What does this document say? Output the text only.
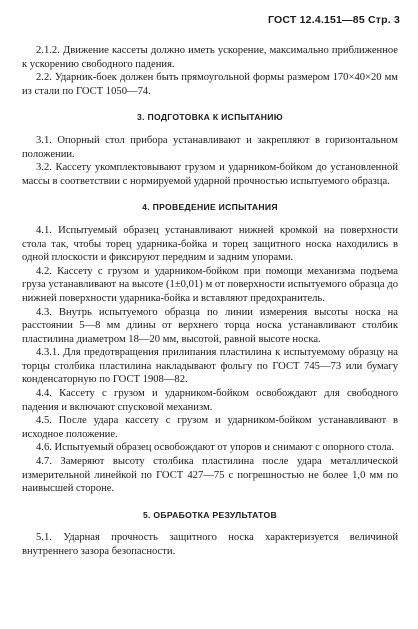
ГОСТ 12.4.151—85 Стр. 3

2.1.2. Движение кассеты должно иметь ускорение, максимально приближенное к ускорению свободного падения.

2.2. Ударник-боек должен быть прямоугольной формы размером 170×40×20 мм из стали по ГОСТ 1050—74.

3. ПОДГОТОВКА К ИСПЫТАНИЮ

3.1. Опорный стол прибора устанавливают и закрепляют в горизонтальном положении.

3.2. Кассету укомплектовывают грузом и ударником-бойком до установленной массы в соответствии с нормируемой ударной прочностью испытуемого образца.

4. ПРОВЕДЕНИЕ ИСПЫТАНИЯ

4.1. Испытуемый образец устанавливают нижней кромкой на поверхности стола так, чтобы торец ударника-бойка и торец защитного носка находились в одной плоскости и фиксируют передним и задним упорами.

4.2. Кассету с грузом и ударником-бойком при помощи механизма подъема груза устанавливают на высоте (1±0,01) м от поверхности испытуемого образца до нижней поверхности ударника-бойка и вставляют предохранитель.

4.3. Внутрь испытуемого образца по линии измерения высоты носка на расстоянии 5—8 мм длины от верхнего торца носка устанавливают столбик пластилина диаметром 18—20 мм, высотой, равной высоте носка.

4.3.1. Для предотвращения прилипания пластилина к испытуемому образцу на торцы столбика пластилина накладывают фольгу по ГОСТ 745—73 или бумагу конденсаторную по ГОСТ 1908—82.

4.4. Кассету с грузом и ударником-бойком освобождают для свободного падения и включают спусковой механизм.

4.5. После удара кассету с грузом и ударником-бойком устанавливают в исходное положение.

4.6. Испытуемый образец освобождают от упоров и снимают с опорного стола.

4.7. Замеряют высоту столбика пластилина после удара металлической измерительной линейкой по ГОСТ 427—75 с погрешностью не более 1,0 мм по наивысшей стороне.

5. ОБРАБОТКА РЕЗУЛЬТАТОВ

5.1. Ударная прочность защитного носка характеризуется величиной внутреннего зазора безопасности.
